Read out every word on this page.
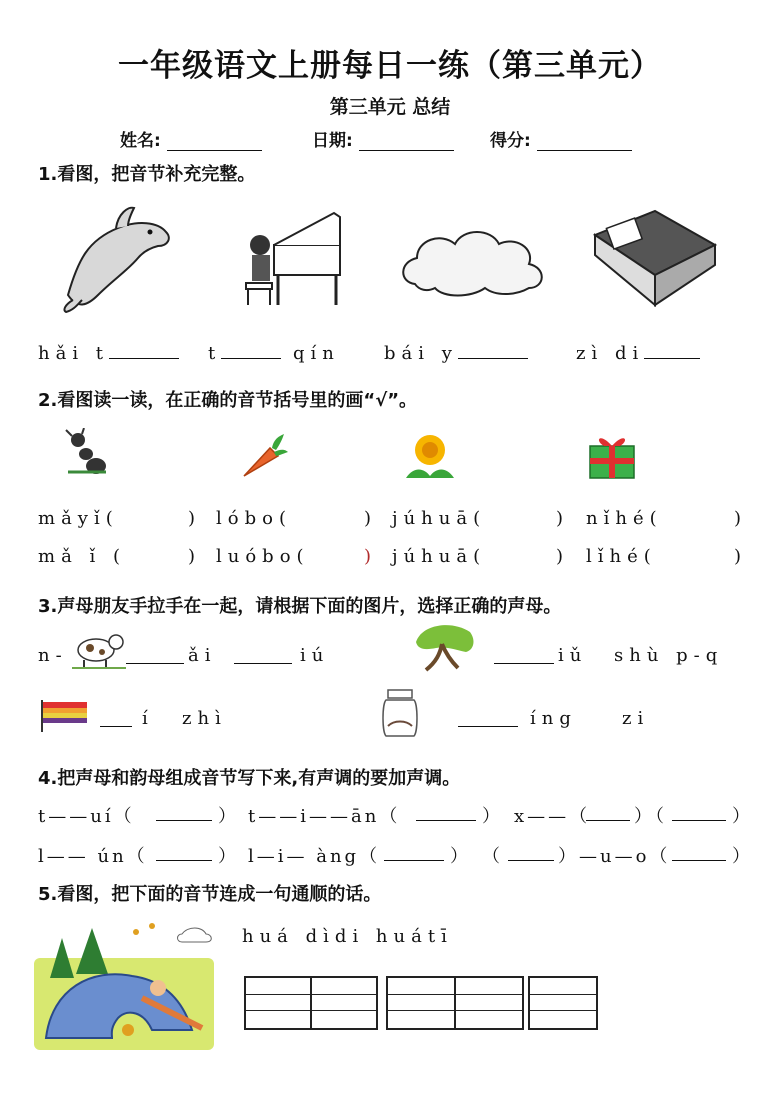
一年级语文上册每日一练（第三单元）
第三单元 总结
姓名:	日期:	得分:
1.看图，把音节补充完整。
hǎi t	t	qín bái y	zì di
2.看图读一读，在正确的音节括号里的画“√”。
mǎyǐ(	) lóbo(	) júhuā(	) nǐhé(	)
mǎ ǐ (	) luóbo(	) júhuā(	) lǐhé(	)
3.声母朋友手拉手在一起，请根据下面的图片，选择正确的声母。
n-	ǎi	iú	iǔ shù p-q
í zhì	íng	zi
4.把声母和韵母组成音节写下来,有声调的要加声调。
t——uí（	） t——i——ān（	） x——（ ）（	）
l—— ún（	） l—i— àng（	） （	）—u—o（	）
5.看图，把下面的音节连成一句通顺的话。
huá dìdi huátī
